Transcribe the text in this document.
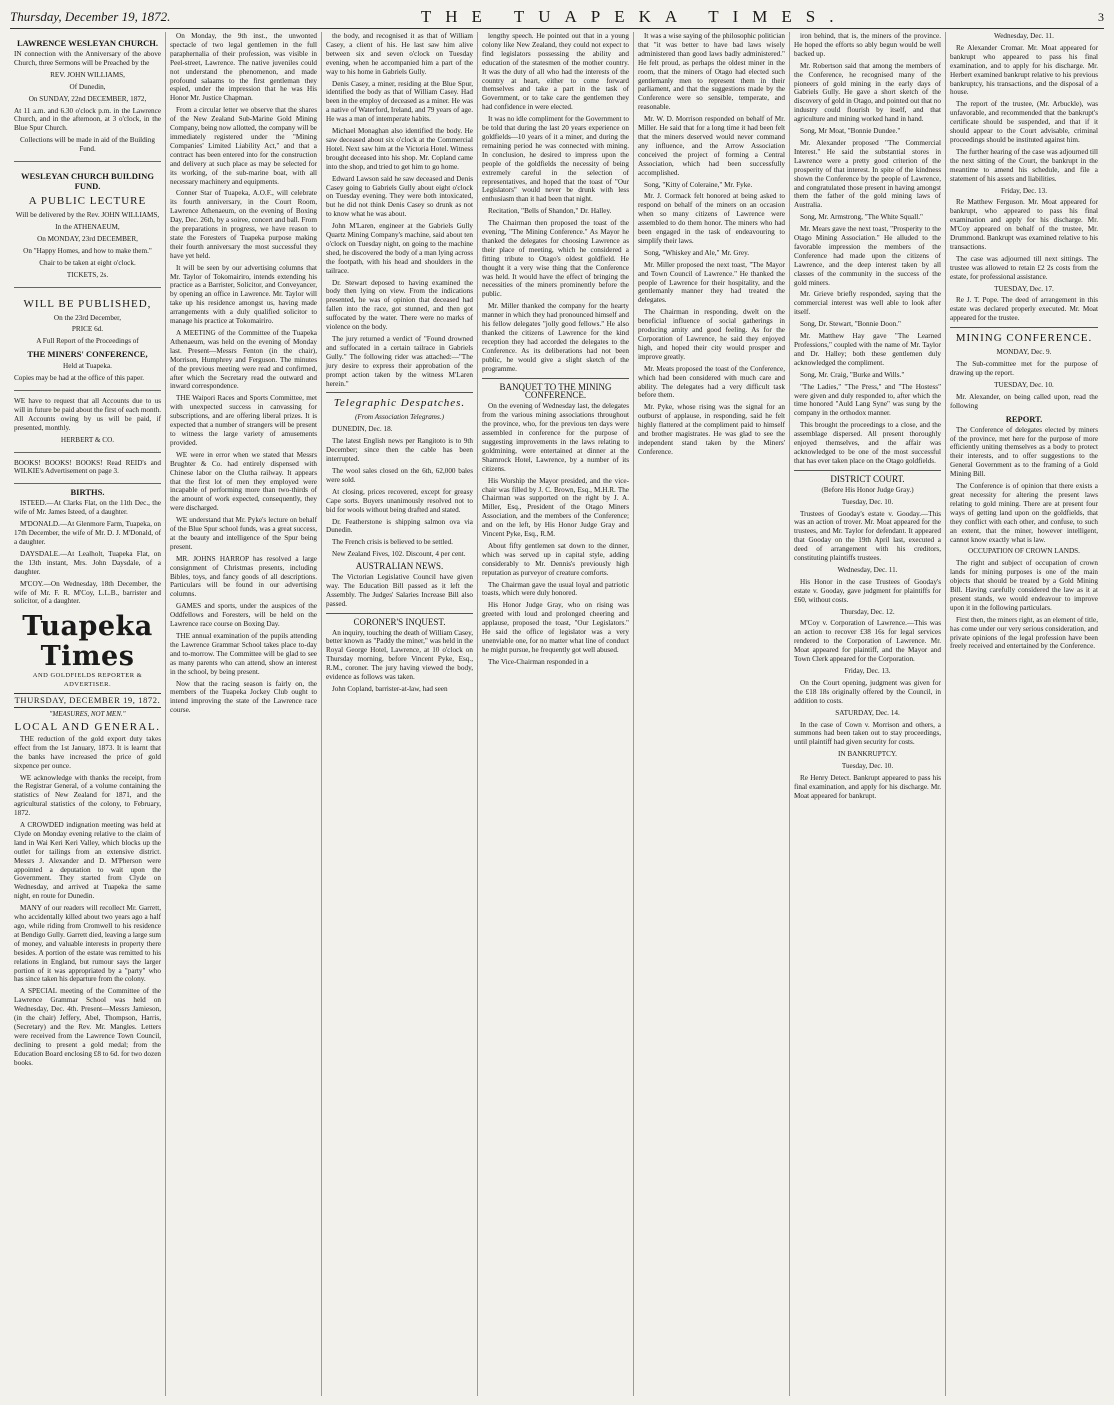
Thursday, December 19, 1872.	THE TUAPEKA TIMES.	3
LAWRENCE WESLEYAN CHURCH.

IN connection with the Anniversary of the above Church, three Sermons will be Preached by the

REV. JOHN WILLIAMS,

Of Dunedin,

On SUNDAY, 22nd DECEMBER, 1872,

At 11 a.m. and 6.30 o'clock p.m. in the Lawrence Church, and in the afternoon, at 3 o'clock, in the Blue Spur Church.

Collections will be made in aid of the Building Fund.

WESLEYAN CHURCH BUILDING FUND.
A PUBLIC LECTURE

Will be delivered by the Rev. JOHN WILLIAMS,

In the ATHENAEUM,

On MONDAY, 23rd DECEMBER,

On "Happy Homes, and how to make them."

Chair to be taken at eight o'clock.

TICKETS, 2s.

WILL BE PUBLISHED,

On the 23rd December,

PRICE 6d.

A Full Report of the Proceedings of

THE MINERS' CONFERENCE,

Held at Tuapeka.

Copies may be had at the office of this paper.

WE have to request that all Accounts due to us will in future be paid about the first of each month. All Accounts owing by us will be paid, if presented, monthly.

HERBERT & CO.

BOOKS! BOOKS! BOOKS! Read REID's and WILKIE's Advertisement on page 3.

BIRTHS.

ISTEED.—At Clarks Flat, on the 11th Dec., the wife of Mr. James Isteed, of a daughter.

M'DONALD.—At Glenmore Farm, Tuapeka, on 17th December, the wife of Mr. D. J. M'Donald, of a daughter.

DAYSDALE.—At Lealholt, Tuapeka Flat, on the 13th instant, Mrs. John Daysdale, of a daughter.

M'COY.—On Wednesday, 18th December, the wife of Mr. F. R. M'Coy, L.L.B., barrister and solicitor, of a daughter.

Tuapeka Times
AND GOLDFIELDS REPORTER & ADVERTISER.
THURSDAY, DECEMBER 19, 1872.
"MEASURES, NOT MEN."
LOCAL AND GENERAL.

THE reduction of the gold export duty takes effect from the 1st January, 1873. It is learnt that the banks have increased the price of gold sixpence per ounce.

WE acknowledge with thanks the receipt, from the Registrar General, of a volume containing the statistics of New Zealand for 1871, and the agricultural statistics of the colony, to February, 1872.

A CROWDED indignation meeting was held at Clyde on Monday evening relative to the claim of land in Wai Keri Keri Valley, which blocks up the outlet for tailings from an extensive district. Messrs J. Alexander and D. M'Pherson were appointed a deputation to wait upon the Government. They started from Clyde on Wednesday, and arrived at Tuapeka the same night, en route for Dunedin.

MANY of our readers will recollect Mr. Garrett, who accidentally killed about two years ago a half ago, while riding from Cromwell to his residence at Bendigo Gully. Garrett died, leaving a large sum of money, and valuable interests in property there besides. A portion of the estate was remitted to his relations in England, but rumour says the larger portion of it was appropriated by a "party" who has since taken his departure from the colony.

A SPECIAL meeting of the Committee of the Lawrence Grammar School was held on Wednesday, Dec. 4th. Present—Messrs Jamieson, (in the chair) Jeffery, Abel, Thompson, Harris, (Secretary) and the Rev. Mr. Mangles. Letters were received from the Lawrence Town Council, declining to present a gold medal; from the Education Board enclosing £8 to 6d. for two dozen books.

On Monday, the 9th inst., the unwonted spectacle of two legal gentlemen in the full paraphernalia of their profession, was visible in Peel-street, Lawrence. The native juveniles could not understand the phenomenon, and made profound salaams to the first gentleman they espied, under the impression that he was His Honor Mr. Justice Chapman.

From a circular letter we observe that the shares of the New Zealand Sub-Marine Gold Mining Company, being now allotted, the company will be immediately registered under the "Mining Companies' Limited Liability Act," and that a contract has been entered into for the construction and delivery at such place as may be selected for its working, of the sub-marine boat, with all necessary machinery and equipments.

Conner Star of Tuapeka, A.O.F., will celebrate its fourth anniversary, in the Court Room, Lawrence Athenaeum, on the evening of Boxing Day, Dec. 26th, by a soiree, concert and ball. From the preparations in progress, we have reason to state the Foresters of Tuapeka purpose making their fourth anniversary the most successful they have yet held.

It will be seen by our advertising columns that Mr. Taylor of Tokomairiro, intends extending his practice as a Barrister, Solicitor, and Conveyancer, by opening an office in Lawrence. Mr. Taylor will take up his residence amongst us, having made arrangements with a duly qualified solicitor to manage his practice at Tokomairiro.

A MEETING of the Committee of the Tuapeka Athenaeum, was held on the evening of Monday last. Present—Messrs Fenton (in the chair), Morrison, Humphrey and Ferguson. The minutes of the previous meeting were read and confirmed, after which the Secretary read the outward and inward correspondence.

THE Waipori Races and Sports Committee, met with unexpected success in canvassing for subscriptions, and are offering liberal prizes. It is expected that a number of strangers will be present to witness the large variety of amusements provided.

WE were in error when we stated that Messrs Brughter & Co. had entirely dispensed with Chinese labor on the Clutha railway. It appears that the first lot of men they employed were incapable of performing more than two-thirds of the amount of work expected, consequently, they were discharged.

WE understand that Mr. Pyke's lecture on behalf of the Blue Spur school funds, was a great success, at the beauty and intelligence of the Spur being present.

MR. JOHNS HARROP has resolved a large consignment of Christmas presents, including Bibles, toys, and fancy goods of all descriptions. Particulars will be found in our advertising columns.

GAMES and sports, under the auspices of the Oddfellows and Foresters, will be held on the Lawrence race course on Boxing Day.

THE annual examination of the pupils attending the Lawrence Grammar School takes place to-day and to-morrow. The Committee will be glad to see as many parents who can attend, show an interest in the school, by being present.

Now that the racing season is fairly on, the members of the Tuapeka Jockey Club ought to intend improving the state of the Lawrence race course.

the body, and recognised it as that of William Casey, a client of his. He last saw him alive between six and seven o'clock on Tuesday evening, when he accompanied him a part of the way to his home in Gabriels Gully.

Denis Casey, a miner, residing at the Blue Spur, identified the body as that of William Casey. Had been in the employ of deceased as a miner. He was a native of Waterford, Ireland, and 79 years of age. He was a man of intemperate habits.

Michael Monaghan also identified the body. He saw deceased about six o'clock at the Commercial Hotel. Next saw him at the Victoria Hotel. Witness brought deceased into his shop. Mr. Copland came into the shop, and tried to get him to go home.

Edward Lawson said he saw deceased and Denis Casey going to Gabriels Gully about eight o'clock on Tuesday evening. They were both intoxicated, but he did not think Denis Casey so drunk as not to know what he was about.

John M'Laren, engineer at the Gabriels Gully Quartz Mining Company's machine, said about ten o'clock on Tuesday night, on going to the machine shed, he discovered the body of a man lying across the footpath, with his head and shoulders in the tailrace.

Dr. Stewart deposed to having examined the body then lying on view. From the indications presented, he was of opinion that deceased had fallen into the race, got stunned, and then got suffocated by the water. There were no marks of violence on the body.

The jury returned a verdict of "Found drowned and suffocated in a certain tailrace in Gabriels Gully." The following rider was attached:—"The jury desire to express their approbation of the prompt action taken by the witness M'Laren herein."

Telegraphic Despatches.

(From Association Telegrams.)

DUNEDIN, Dec. 18.

The latest English news per Rangitoto is to 9th December; since then the cable has been interrupted.

The wool sales closed on the 6th, 62,000 bales were sold.

At closing, prices recovered, except for greasy Cape sorts. Buyers unanimously resolved not to bid for wools without being drafted and stated.

Dr. Featherstone is shipping salmon ova via Dunedin.

The French crisis is believed to be settled.

New Zealand Fives, 102. Discount, 4 per cent.

AUSTRALIAN NEWS.

The Victorian Legislative Council have given way. The Education Bill passed as it left the Assembly. The Judges' Salaries Increase Bill also passed.

CORONER'S INQUEST.

An inquiry, touching the death of William Casey, better known as "Paddy the miner," was held in the Royal George Hotel, Lawrence, at 10 o'clock on Thursday morning, before Vincent Pyke, Esq., R.M., coroner. The jury having viewed the body, evidence as follows was taken.

John Copland, barrister-at-law, had seen

lengthy speech. He pointed out that in a young colony like New Zealand, they could not expect to find legislators possessing the ability and education of the statesmen of the mother country. It was the duty of all who had the interests of the country at heart, either to come forward themselves and take a part in the task of Government, or to take care the gentlemen they had confidence in were elected.

It was no idle compliment for the Government to be told that during the last 20 years experience on goldfields—10 years of it a miner, and during the remaining period he was connected with mining. In conclusion, he desired to impress upon the people of the goldfields the necessity of being extremely careful in the selection of representatives, and hoped that the toast of "Our Legislators" would never be drunk with less enthusiasm than it had been that night.

Recitation, "Bells of Shandon," Dr. Halley.

The Chairman then proposed the toast of the evening, "The Mining Conference." As Mayor he thanked the delegates for choosing Lawrence as their place of meeting, which he considered a fitting tribute to Otago's oldest goldfield. He thought it a very wise thing that the Conference was held. It would have the effect of bringing the necessities of the miners prominently before the public.

Mr. Miller thanked the company for the hearty manner in which they had pronounced himself and his fellow delegates "jolly good fellows." He also thanked the citizens of Lawrence for the kind reception they had accorded the delegates to the Conference. As its deliberations had not been public, he would give a slight sketch of the programme.

BANQUET TO THE MINING CONFERENCE.

On the evening of Wednesday last, the delegates from the various mining associations throughout the province, who, for the previous ten days were assembled in conference for the purpose of suggesting improvements in the laws relating to goldmining, were entertained at dinner at the Shamrock Hotel, Lawrence, by a number of its citizens.

His Worship the Mayor presided, and the vice-chair was filled by J. C. Brown, Esq., M.H.R. The Chairman was supported on the right by J. A. Miller, Esq., President of the Otago Miners Association, and the members of the Conference; and on the left, by His Honor Judge Gray and Vincent Pyke, Esq., R.M.

About fifty gentlemen sat down to the dinner, which was served up in capital style, adding considerably to Mr. Dennis's previously high reputation as purveyor of creature comforts.

The Chairman gave the usual loyal and patriotic toasts, which were duly honored.

His Honor Judge Gray, who on rising was greeted with loud and prolonged cheering and applause, proposed the toast, "Our Legislators." He said the office of legislator was a very unenviable one, for no matter what line of conduct he might pursue, he frequently got well abused.

The Vice-Chairman responded in a

It was a wise saying of the philosophic politician that "it was better to have bad laws wisely administered than good laws badly administered." He felt proud, as perhaps the oldest miner in the room, that the miners of Otago had elected such gentlemanly men to represent them in their parliament, and that the suggestions made by the Conference were so sensible, temperate, and reasonable.

Mr. W. D. Morrison responded on behalf of Mr. Miller. He said that for a long time it had been felt that the miners deserved would never command any influence, and the Arrow Association conceived the project of forming a Central Association, which had been successfully accomplished.

Song, "Kitty of Coleraine," Mr. Fyke.

Mr. J. Cormack felt honored at being asked to respond on behalf of the miners on an occasion when so many citizens of Lawrence were assembled to do them honor. The miners who had been engaged in the task of endeavouring to simplify their laws.

Song, "Whiskey and Ale," Mr. Grey.

Mr. Miller proposed the next toast, "The Mayor and Town Council of Lawrence." He thanked the people of Lawrence for their hospitality, and the gentlemanly manner they had treated the delegates.

The Chairman in responding, dwelt on the beneficial influence of social gatherings in producing amity and good feeling. As for the Corporation of Lawrence, he said they enjoyed high, and hoped their city would prosper and improve greatly.

Mr. Meats proposed the toast of the Conference, which had been considered with much care and ability. The delegates had a very difficult task before them.

Mr. Pyke, whose rising was the signal for an outburst of applause, in responding, said he felt highly flattered at the compliment paid to himself and brother magistrates. He was glad to see the independent stand taken by the Miners' Conference.

iron behind, that is, the miners of the province. He hoped the efforts so ably begun would be well backed up.

Mr. Robertson said that among the members of the Conference, he recognised many of the pioneers of gold mining in the early days of Gabriels Gully. He gave a short sketch of the discovery of gold in Otago, and pointed out that no industry could flourish by itself, and that agriculture and mining worked hand in hand.

Song, Mr Moat, "Bonnie Dundee."

Mr. Alexander proposed "The Commercial Interest." He said the substantial stores in Lawrence were a pretty good criterion of the prosperity of that interest. In spite of the kindness shown the Conference by the people of Lawrence, and congratulated those present in having amongst them the father of the gold mining laws of Australia.

Song, Mr. Armstrong, "The White Squall."

Mr. Mears gave the next toast, "Prosperity to the Otago Mining Association." He alluded to the favorable impression the members of the Conference had made upon the citizens of Lawrence, and the deep interest taken by all classes of the community in the success of the gold miners.

Mr. Grieve briefly responded, saying that the commercial interest was well able to look after itself.

Song, Dr. Stewart, "Bonnie Doon."

Mr. Matthew Hay gave "The Learned Professions," coupled with the name of Mr. Taylor and Dr. Halley; both these gentlemen duly acknowledged the compliment.

Song, Mr. Craig, "Burke and Wills."

"The Ladies," "The Press," and "The Hostess" were given and duly responded to, after which the time honored "Auld Lang Syne" was sung by the company in the orthodox manner.

This brought the proceedings to a close, and the assemblage dispersed. All present thoroughly enjoyed themselves, and the affair was acknowledged to be one of the most successful that has ever taken place on the Otago goldfields.

DISTRICT COURT.

(Before His Honor Judge Gray.)

Tuesday, Dec. 10.

Trustees of Gooday's estate v. Gooday.—This was an action of trover. Mr. Moat appeared for the trustees, and Mr. Taylor for defendant. It appeared that Gooday on the 19th April last, executed a deed of arrangement with his creditors, constituting plaintiffs trustees.

Wednesday, Dec. 11.

His Honor in the case Trustees of Gooday's estate v. Gooday, gave judgment for plaintiffs for £60, without costs.

Thursday, Dec. 12.

M'Coy v. Corporation of Lawrence.—This was an action to recover £38 16s for legal services rendered to the Corporation of Lawrence. Mr. Moat appeared for plaintiff, and the Mayor and Town Clerk appeared for the Corporation.

Friday, Dec. 13.

On the Court opening, judgment was given for the £18 18s originally offered by the Council, in addition to costs.

SATURDAY, Dec. 14.

In the case of Cown v. Morrison and others, a summons had been taken out to stay proceedings, until plaintiff had given security for costs.

IN BANKRUPTCY.

Tuesday, Dec. 10.

Re Henry Detect. Bankrupt appeared to pass his final examination, and apply for his discharge. Mr. Moat appeared for bankrupt.

Wednesday, Dec. 11.

Re Alexander Cromar. Mr. Moat appeared for bankrupt who appeared to pass his final examination, and to apply for his discharge. Mr. Herbert examined bankrupt relative to his previous bankruptcy, his transactions, and the disposal of a house.

The report of the trustee, (Mr. Arbuckle), was unfavorable, and recommended that the bankrupt's certificate should be suspended, and that if it should appear to the Court advisable, criminal proceedings should be instituted against him.

The further hearing of the case was adjourned till the next sitting of the Court, the bankrupt in the meantime to amend his schedule, and file a statement of his assets and liabilities.

Friday, Dec. 13.

Re Matthew Ferguson. Mr. Moat appeared for bankrupt, who appeared to pass his final examination and apply for his discharge. Mr. M'Coy appeared on behalf of the trustee, Mr. Drummond. Bankrupt was examined relative to his transactions.

The case was adjourned till next sittings. The trustee was allowed to retain £2 2s costs from the estate, for professional assistance.

TUESDAY, Dec. 17.

Re J. T. Pope. The deed of arrangement in this estate was declared properly executed. Mr. Moat appeared for the trustee.

MINING CONFERENCE.

MONDAY, Dec. 9.

The Sub-committee met for the purpose of drawing up the report.

TUESDAY, Dec. 10.

Mr. Alexander, on being called upon, read the following

REPORT.

The Conference of delegates elected by miners of the province, met here for the purpose of more efficiently uniting themselves as a body to protect their interests, and to offer suggestions to the General Government as to the framing of a Gold Mining Bill.

The Conference is of opinion that there exists a great necessity for altering the present laws relating to gold mining. There are at present four ways of getting land upon on the goldfields, that they conflict with each other, and confuse, to such an extent, that the miner, however intelligent, cannot know exactly what is law.

OCCUPATION OF CROWN LANDS.

The right and subject of occupation of crown lands for mining purposes is one of the main objects that should be treated by a Gold Mining Bill. Having carefully considered the law as it at present stands, we would endeavour to improve upon it in the following particulars.

First then, the miners right, as an element of title, has come under our very serious consideration, and private opinions of the legal profession have been freely received and entertained by the Conference.
